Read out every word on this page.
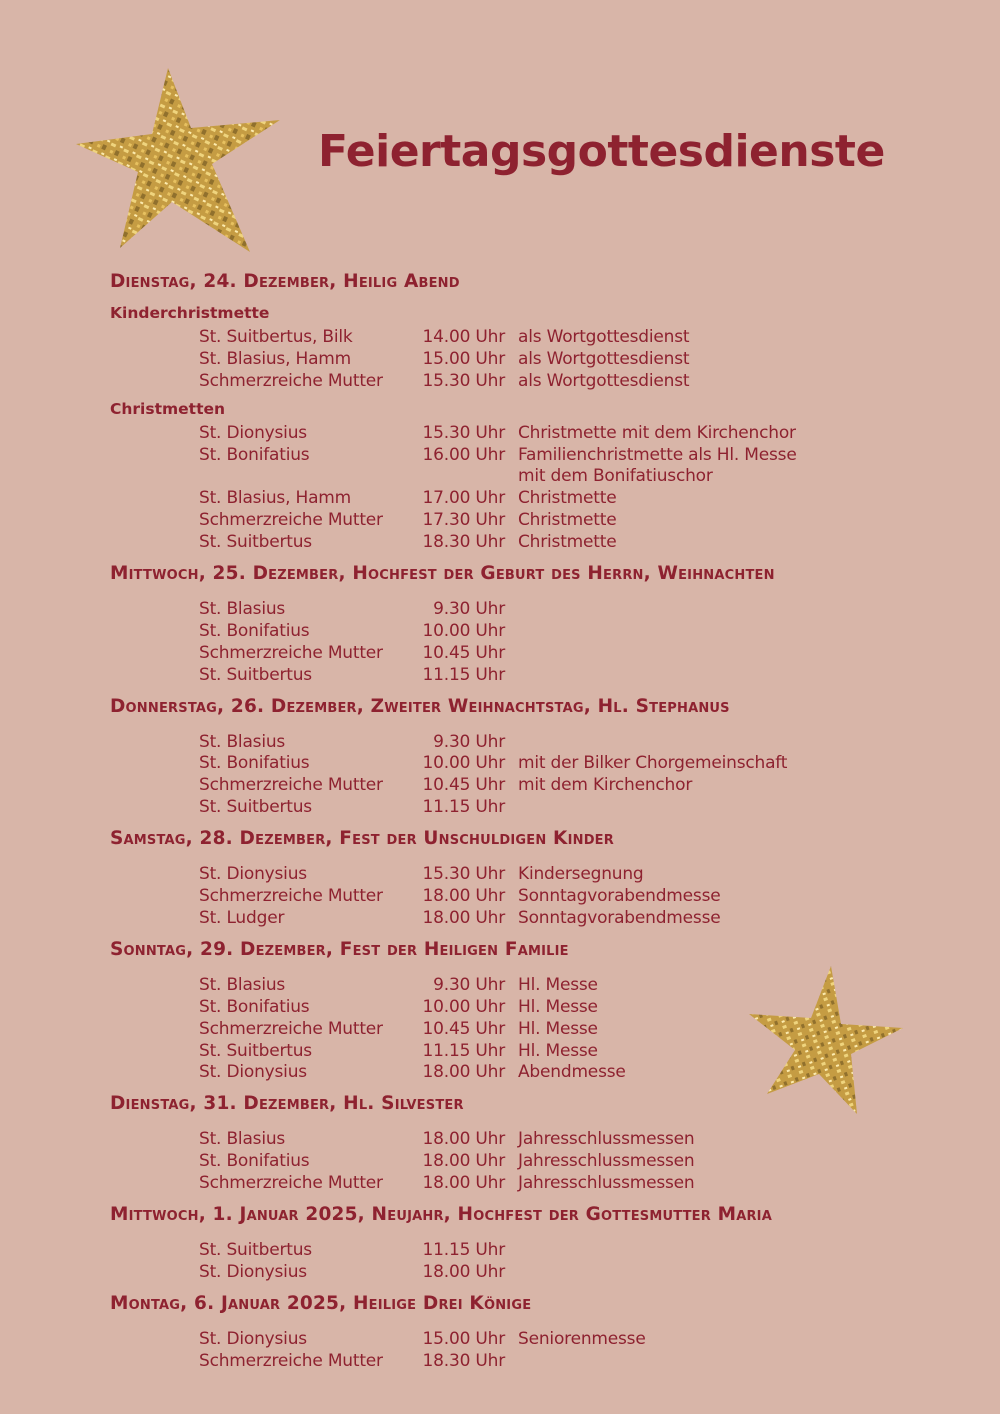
Feiertagsgottesdienste
Dienstag, 24. Dezember, Heilig Abend
Kinderchristmette
St. Suitbertus, Bilk	14.00 Uhr als Wortgottesdienst
St. Blasius, Hamm	15.00 Uhr als Wortgottesdienst
Schmerzreiche Mutter	15.30 Uhr als Wortgottesdienst
Christmetten
St. Dionysius	15.30 Uhr Christmette mit dem Kirchenchor
St. Bonifatius	16.00 Uhr Familienchristmette als Hl. Messe
mit dem Bonifatiuschor
St. Blasius, Hamm	17.00 Uhr Christmette
Schmerzreiche Mutter	17.30 Uhr Christmette
St. Suitbertus	18.30 Uhr Christmette
Mittwoch, 25. Dezember, Hochfest der Geburt des Herrn, Weihnachten
St. Blasius	9.30 Uhr
St. Bonifatius	10.00 Uhr
Schmerzreiche Mutter	10.45 Uhr
St. Suitbertus	11.15 Uhr
Donnerstag, 26. Dezember, Zweiter Weihnachtstag, Hl. Stephanus
St. Blasius	9.30 Uhr
St. Bonifatius	10.00 Uhr mit der Bilker Chorgemeinschaft
Schmerzreiche Mutter	10.45 Uhr mit dem Kirchenchor
St. Suitbertus	11.15 Uhr
Samstag, 28. Dezember, Fest der Unschuldigen Kinder
St. Dionysius	15.30 Uhr Kindersegnung
Schmerzreiche Mutter	18.00 Uhr Sonntagvorabendmesse
St. Ludger	18.00 Uhr Sonntagvorabendmesse
Sonntag, 29. Dezember, Fest der Heiligen Familie
St. Blasius	9.30 Uhr Hl. Messe
St. Bonifatius	10.00 Uhr Hl. Messe
Schmerzreiche Mutter	10.45 Uhr Hl. Messe
St. Suitbertus	11.15 Uhr Hl. Messe
St. Dionysius	18.00 Uhr Abendmesse
Dienstag, 31. Dezember, Hl. Silvester
St. Blasius	18.00 Uhr Jahresschlussmessen
St. Bonifatius	18.00 Uhr Jahresschlussmessen
Schmerzreiche Mutter	18.00 Uhr Jahresschlussmessen
Mittwoch, 1. Januar 2025, Neujahr, Hochfest der Gottesmutter Maria
St. Suitbertus	11.15 Uhr
St. Dionysius	18.00 Uhr
Montag, 6. Januar 2025, Heilige Drei Könige
St. Dionysius	15.00 Uhr Seniorenmesse
Schmerzreiche Mutter	18.30 Uhr
